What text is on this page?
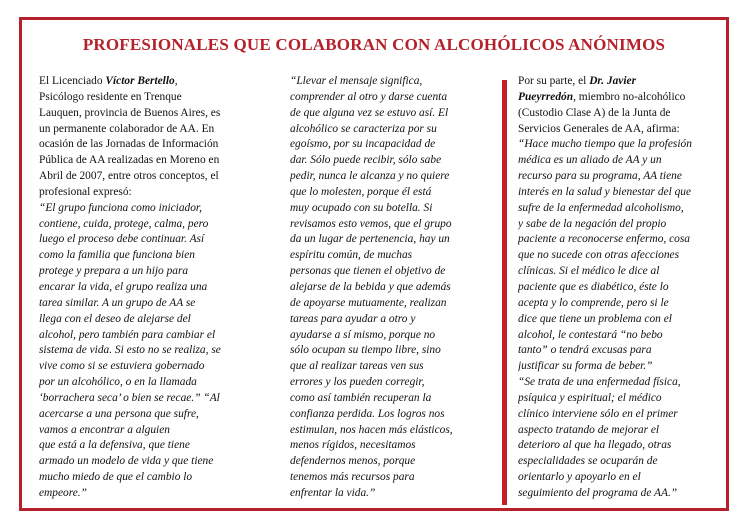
PROFESIONALES QUE COLABORAN CON ALCOHÓLICOS ANÓNIMOS
El Licenciado Víctor Bertello,
Psicólogo residente en Trenque
Lauquen, provincia de Buenos Aires, es
un permanente colaborador de AA. En
ocasión de las Jornadas de Información
Pública de AA realizadas en Moreno en
Abril de 2007, entre otros conceptos, el
profesional expresó:
“El grupo funciona como iniciador,
contiene, cuida, protege, calma, pero
luego el proceso debe continuar. Así
como la familia que funciona bien
protege y prepara a un hijo para
encarar la vida, el grupo realiza una
tarea similar. A un grupo de AA se
llega con el deseo de alejarse del
alcohol, pero también para cambiar el
sistema de vida. Si esto no se realiza, se
vive como si se estuviera gobernado
por un alcohólico, o en la llamada
‘borrachera seca’ o bien se recae.” “Al
acercarse a una persona que sufre,
vamos a encontrar a alguien
que está a la defensiva, que tiene
armado un modelo de vida y que tiene
mucho miedo de que el cambio lo
empeore.”
“Llevar el mensaje significa,
comprender al otro y darse cuenta
de que alguna vez se estuvo así. El
alcohólico se caracteriza por su
egoísmo, por su incapacidad de
dar. Sólo puede recibir, sólo sabe
pedir, nunca le alcanza y no quiere
que lo molesten, porque él está
muy ocupado con su botella. Si
revisamos esto vemos, que el grupo
da un lugar de pertenencia, hay un
espíritu común, de muchas
personas que tienen el objetivo de
alejarse de la bebida y que además
de apoyarse mutuamente, realizan
tareas para ayudar a otro y
ayudarse a sí mismo, porque no
sólo ocupan su tiempo libre, sino
que al realizar tareas ven sus
errores y los pueden corregir,
como así también recuperan la
confianza perdida. Los logros nos
estimulan, nos hacen más elásticos,
menos rígidos, necesitamos
defendernos menos, porque
tenemos más recursos para
enfrentar la vida.”
Por su parte, el Dr. Javier
Pueyrredón, miembro no-alcohólico
(Custodio Clase A) de la Junta de
Servicios Generales de AA, afirma:
“Hace mucho tiempo que la profesión
médica es un aliado de AA y un
recurso para su programa, AA tiene
interés en la salud y bienestar del que
sufre de la enfermedad alcoholismo,
y sabe de la negación del propio
paciente a reconocerse enfermo, cosa
que no sucede con otras afecciones
clínicas. Si el médico le dice al
paciente que es diabético, éste lo
acepta y lo comprende, pero si le
dice que tiene un problema con el
alcohol, le contestará “no bebo
tanto” o tendrá excusas para
justificar su forma de beber.”
“Se trata de una enfermedad física,
psíquica y espiritual; el médico
clínico interviene sólo en el primer
aspecto tratando de mejorar el
deterioro al que ha llegado, otras
especialidades se ocuparán de
orientarlo y apoyarlo en el
seguimiento del programa de AA.”
